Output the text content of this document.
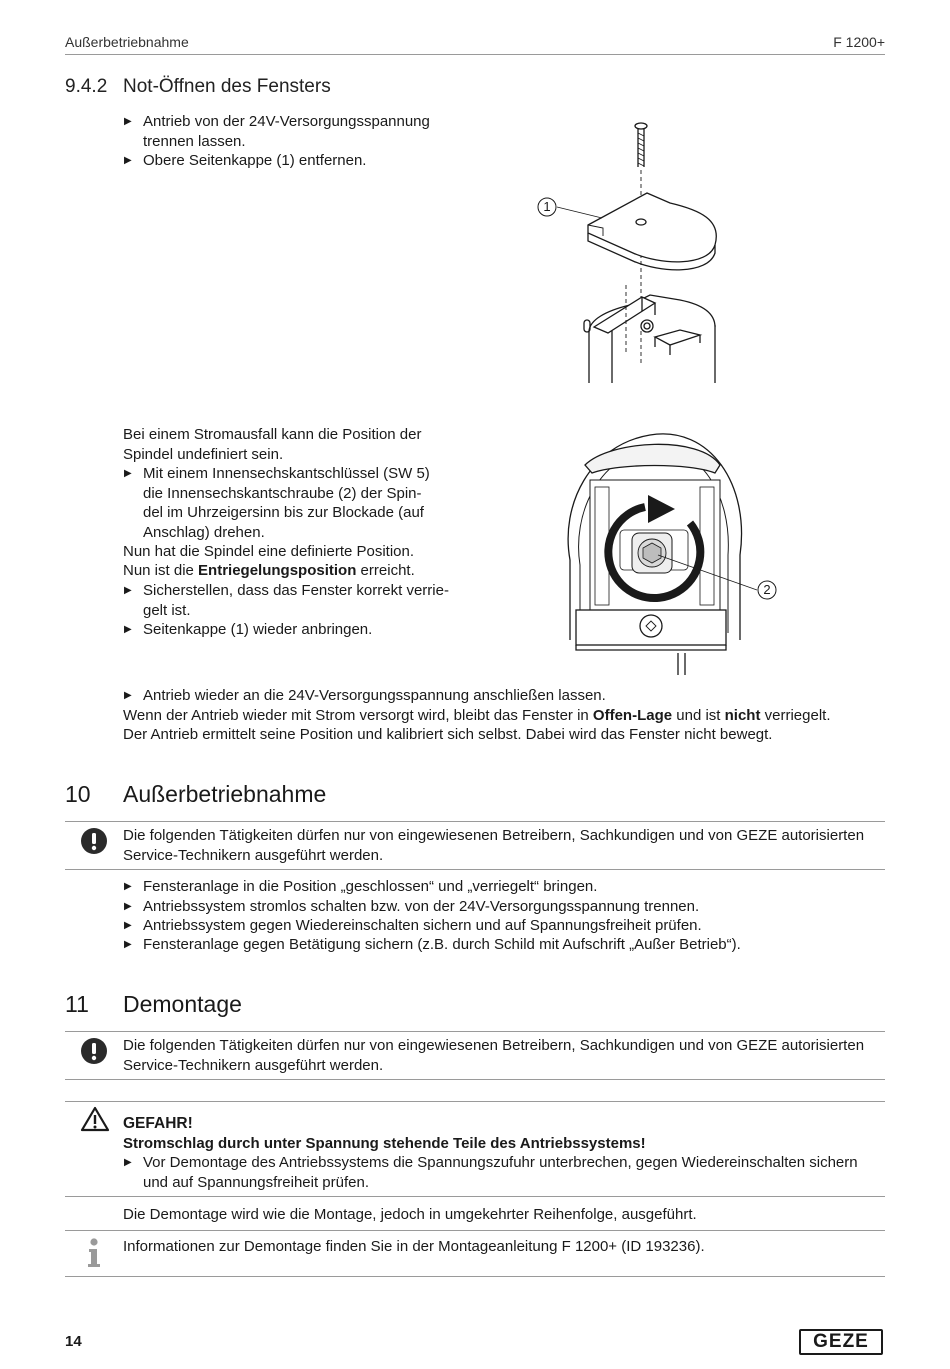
Außerbetriebnahme	F 1200+
9.4.2 Not-Öffnen des Fensters
▶ Antrieb von der 24V-Versorgungsspannung
trennen lassen.
▶ Obere Seitenkappe (1) entfernen.
1
Bei einem Stromausfall kann die Position der
Spindel undefiniert sein.
▶ Mit einem Innensechskantschlüssel (SW 5)
die Innensechskantschraube (2) der Spin-
del im Uhrzeigersinn bis zur Blockade (auf
Anschlag) drehen.
Nun hat die Spindel eine definierte Position.
Nun ist die Entriegelungsposition erreicht.
▶ Sicherstellen, dass das Fenster korrekt verrie-
gelt ist.
▶ Seitenkappe (1) wieder anbringen.
2
▶ Antrieb wieder an die 24V-Versorgungsspannung anschließen lassen.
Wenn der Antrieb wieder mit Strom versorgt wird, bleibt das Fenster in Offen-Lage und ist nicht verriegelt.
Der Antrieb ermittelt seine Position und kalibriert sich selbst. Dabei wird das Fenster nicht bewegt.
10 Außerbetriebnahme
Die folgenden Tätigkeiten dürfen nur von eingewiesenen Betreibern, Sachkundigen und von GEZE autorisierten
Service-Technikern ausgeführt werden.
▶ Fensteranlage in die Position „geschlossen“ und „verriegelt“ bringen.
▶ Antriebssystem stromlos schalten bzw. von der 24V-Versorgungsspannung trennen.
▶ Antriebssystem gegen Wiedereinschalten sichern und auf Spannungsfreiheit prüfen.
▶ Fensteranlage gegen Betätigung sichern (z.B. durch Schild mit Aufschrift „Außer Betrieb“).
11 Demontage
Die folgenden Tätigkeiten dürfen nur von eingewiesenen Betreibern, Sachkundigen und von GEZE autorisierten
Service-Technikern ausgeführt werden.
GEFAHR!
Stromschlag durch unter Spannung stehende Teile des Antriebssystems!
▶ Vor Demontage des Antriebssystems die Spannungszufuhr unterbrechen, gegen Wiedereinschalten sichern
und auf Spannungsfreiheit prüfen.
Die Demontage wird wie die Montage, jedoch in umgekehrter Reihenfolge, ausgeführt.
Informationen zur Demontage finden Sie in der Montageanleitung F 1200+ (ID 193236).
14	GEZE
